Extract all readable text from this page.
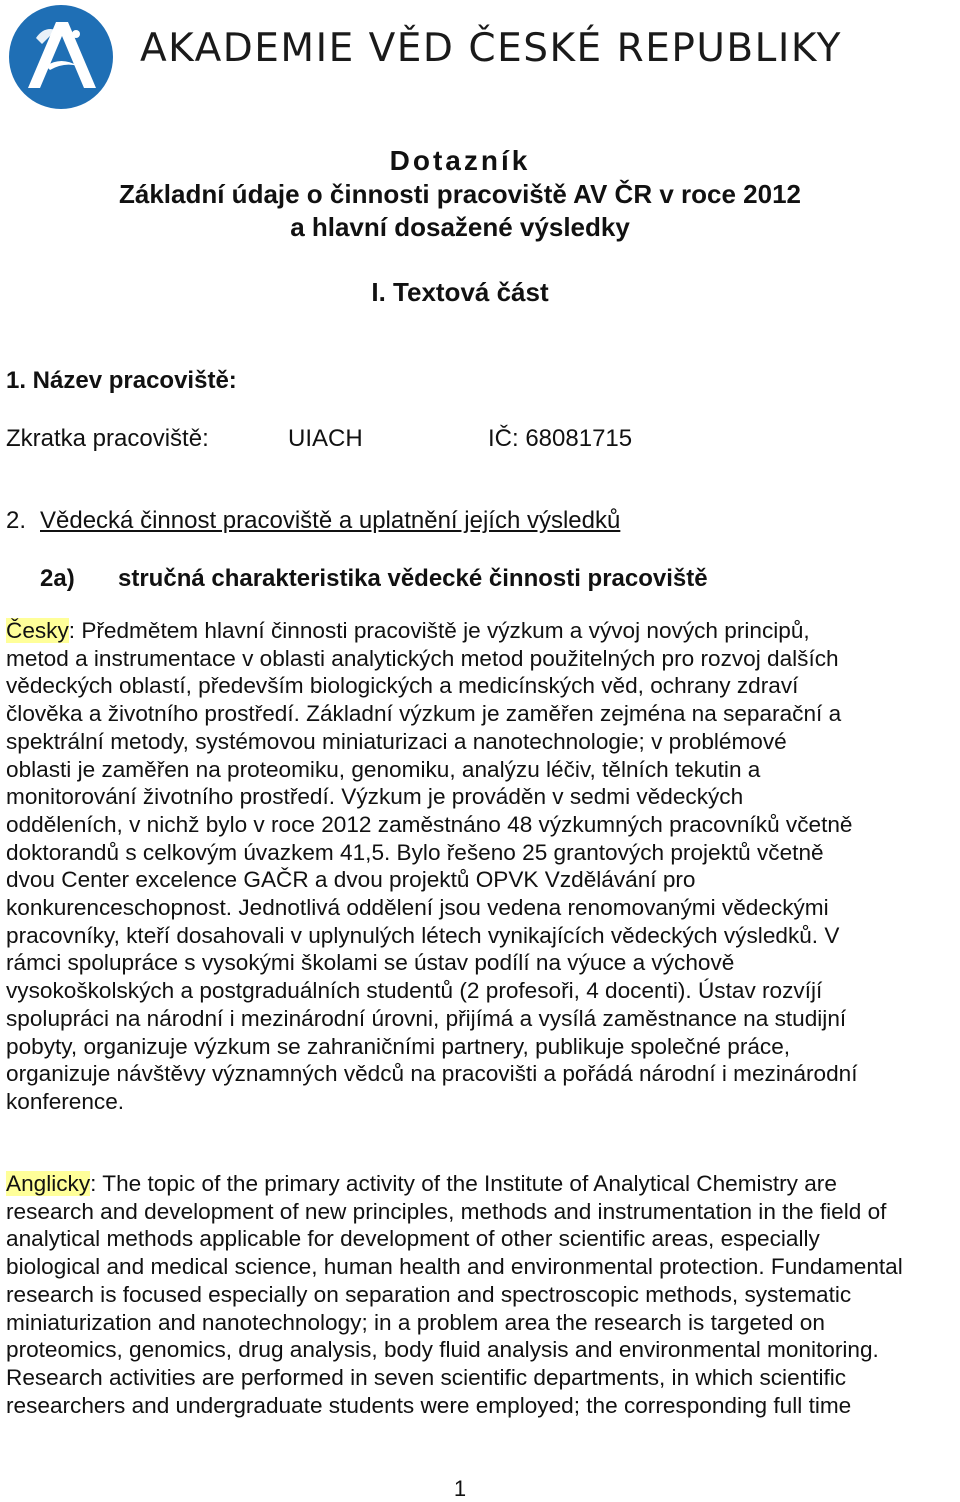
AKADEMIE VĚD ČESKÉ REPUBLIKY
Dotazník
Základní údaje o činnosti pracoviště AV ČR v roce 2012
a hlavní dosažené výsledky
I. Textová část
1. Název pracoviště:
Zkratka pracoviště:	UIACH	IČ: 68081715
2. Vědecká činnost pracoviště a uplatnění jejích výsledků
2a) stručná charakteristika vědecké činnosti pracoviště
Česky: Předmětem hlavní činnosti pracoviště je výzkum a vývoj nových principů,
metod a instrumentace v oblasti analytických metod použitelných pro rozvoj dalších
vědeckých oblastí, především biologických a medicínských věd, ochrany zdraví
člověka a životního prostředí. Základní výzkum je zaměřen zejména na separační a
spektrální metody, systémovou miniaturizaci a nanotechnologie; v problémové
oblasti je zaměřen na proteomiku, genomiku, analýzu léčiv, tělních tekutin a
monitorování životního prostředí. Výzkum je prováděn v sedmi vědeckých
odděleních, v nichž bylo v roce 2012 zaměstnáno 48 výzkumných pracovníků včetně
doktorandů s celkovým úvazkem 41,5. Bylo řešeno 25 grantových projektů včetně
dvou Center excelence GAČR a dvou projektů OPVK Vzdělávání pro
konkurenceschopnost. Jednotlivá oddělení jsou vedena renomovanými vědeckými
pracovníky, kteří dosahovali v uplynulých létech vynikajících vědeckých výsledků. V
rámci spolupráce s vysokými školami se ústav podílí na výuce a výchově
vysokoškolských a postgraduálních studentů (2 profesoři, 4 docenti). Ústav rozvíjí
spolupráci na národní i mezinárodní úrovni, přijímá a vysílá zaměstnance na studijní
pobyty, organizuje výzkum se zahraničními partnery, publikuje společné práce,
organizuje návštěvy významných vědců na pracovišti a pořádá národní i mezinárodní
konference.
Anglicky: The topic of the primary activity of the Institute of Analytical Chemistry are
research and development of new principles, methods and instrumentation in the field of
analytical methods applicable for development of other scientific areas, especially
biological and medical science, human health and environmental protection. Fundamental
research is focused especially on separation and spectroscopic methods, systematic
miniaturization and nanotechnology; in a problem area the research is targeted on
proteomics, genomics, drug analysis, body fluid analysis and environmental monitoring.
Research activities are performed in seven scientific departments, in which scientific
researchers and undergraduate students were employed; the corresponding full time
1
